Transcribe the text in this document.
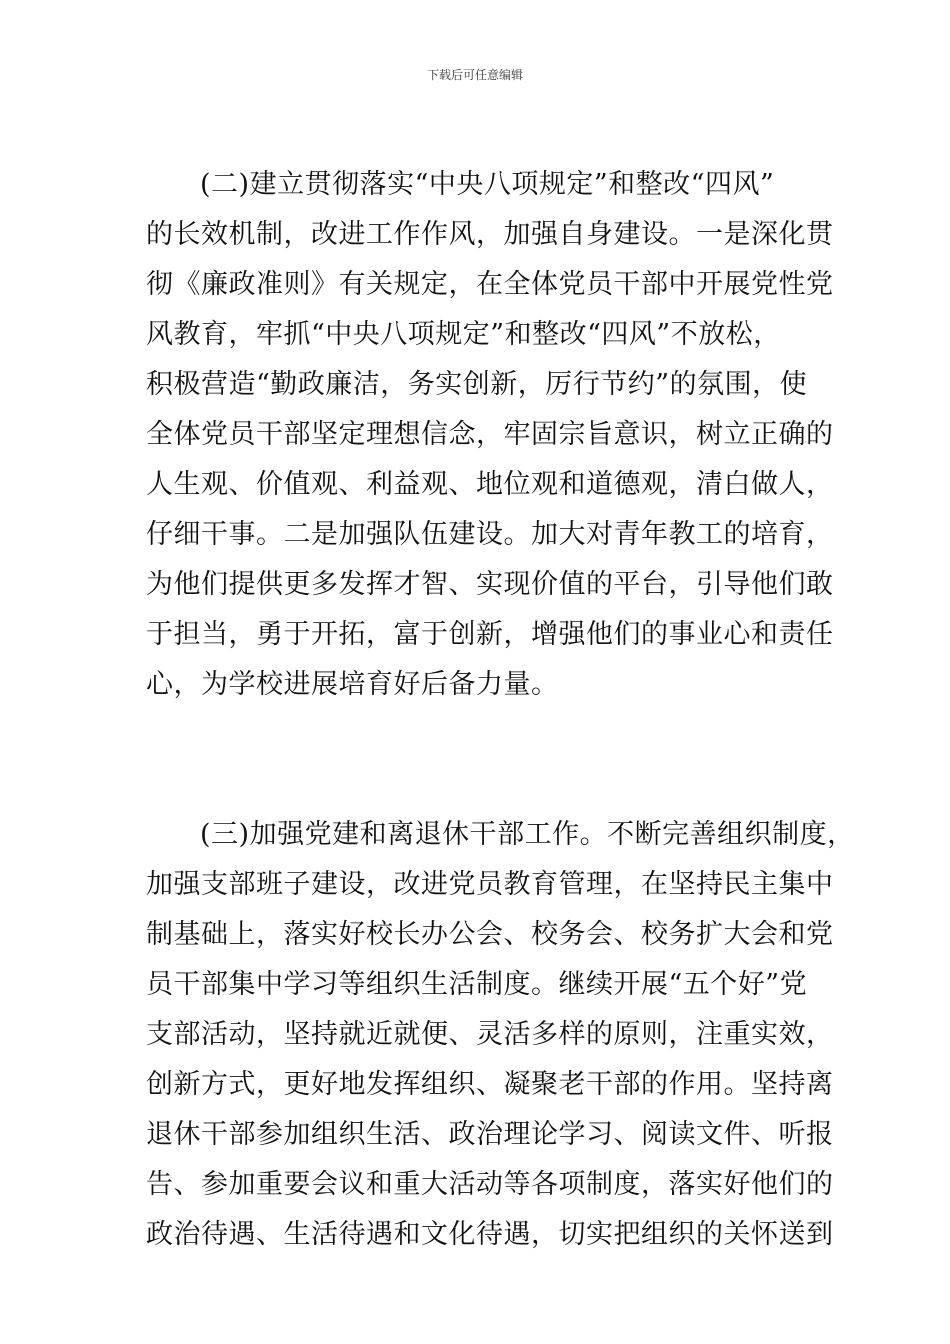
下载后可任意编辑

(二)建立贯彻落实“中央八项规定”和整改“四风”

的长效机制，改进工作作风，加强自身建设。一是深化贯

彻《廉政准则》有关规定，在全体党员干部中开展党性党

风教育，牢抓“中央八项规定”和整改“四风”不放松，

积极营造“勤政廉洁，务实创新，厉行节约”的氛围，使

全体党员干部坚定理想信念，牢固宗旨意识，树立正确的

人生观、价值观、利益观、地位观和道德观，清白做人，

仔细干事。二是加强队伍建设。加大对青年教工的培育，

为他们提供更多发挥才智、实现价值的平台，引导他们敢

于担当，勇于开拓，富于创新，增强他们的事业心和责任

心，为学校进展培育好后备力量。

(三)加强党建和离退休干部工作。不断完善组织制度，

加强支部班子建设，改进党员教育管理，在坚持民主集中

制基础上，落实好校长办公会、校务会、校务扩大会和党

员干部集中学习等组织生活制度。继续开展“五个好”党

支部活动，坚持就近就便、灵活多样的原则，注重实效，

创新方式，更好地发挥组织、凝聚老干部的作用。坚持离

退休干部参加组织生活、政治理论学习、阅读文件、听报

告、参加重要会议和重大活动等各项制度，落实好他们的

政治待遇、生活待遇和文化待遇，切实把组织的关怀送到
